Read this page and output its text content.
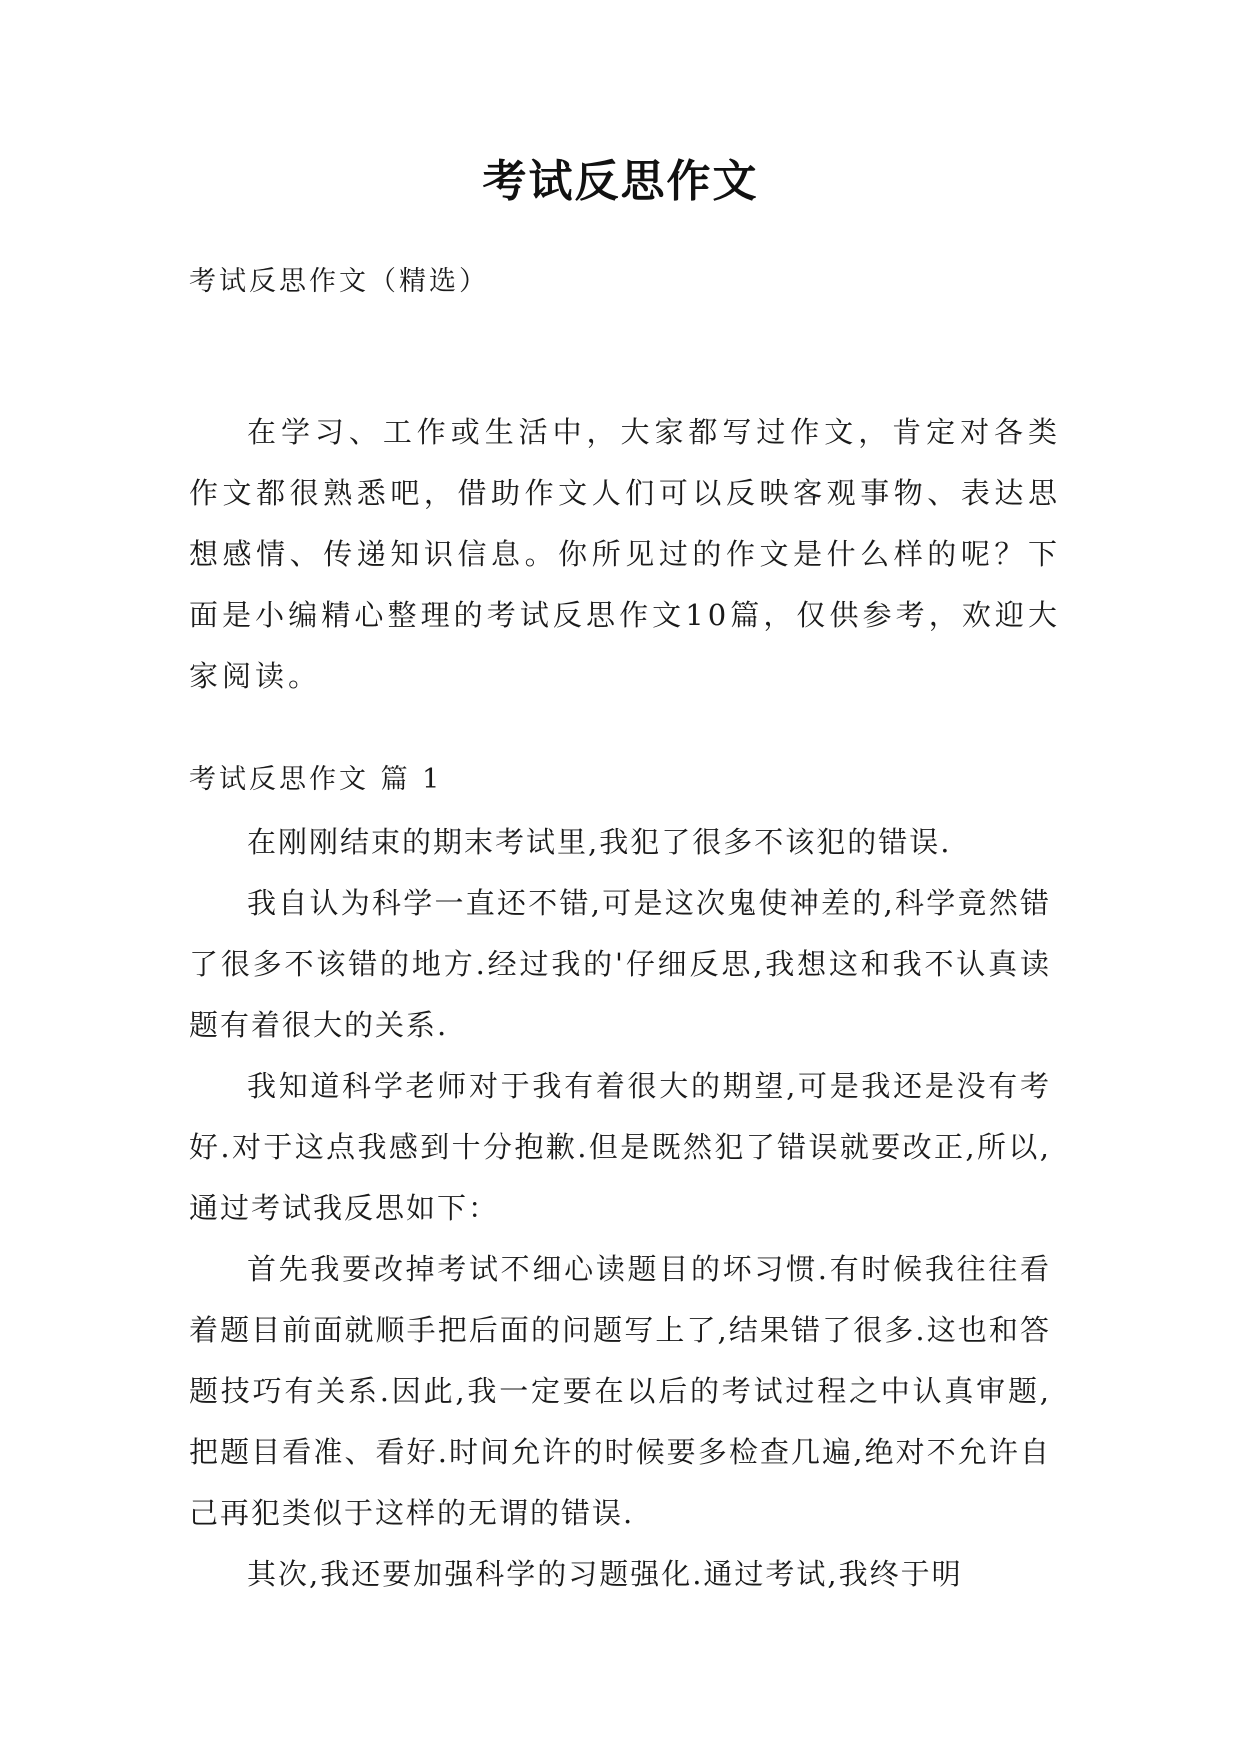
考试反思作文
考试反思作文（精选）
在学习、工作或生活中，大家都写过作文，肯定对各类作文都很熟悉吧，借助作文人们可以反映客观事物、表达思想感情、传递知识信息。你所见过的作文是什么样的呢？下面是小编精心整理的考试反思作文10篇，仅供参考，欢迎大家阅读。
考试反思作文 篇 1
在刚刚结束的期末考试里,我犯了很多不该犯的错误.
我自认为科学一直还不错,可是这次鬼使神差的,科学竟然错了很多不该错的地方.经过我的'仔细反思,我想这和我不认真读题有着很大的关系.
我知道科学老师对于我有着很大的期望,可是我还是没有考好.对于这点我感到十分抱歉.但是既然犯了错误就要改正,所以,通过考试我反思如下：
首先我要改掉考试不细心读题目的坏习惯.有时候我往往看着题目前面就顺手把后面的问题写上了,结果错了很多.这也和答题技巧有关系.因此,我一定要在以后的考试过程之中认真审题,把题目看准、看好.时间允许的时候要多检查几遍,绝对不允许自己再犯类似于这样的无谓的错误.
其次,我还要加强科学的习题强化.通过考试,我终于明
